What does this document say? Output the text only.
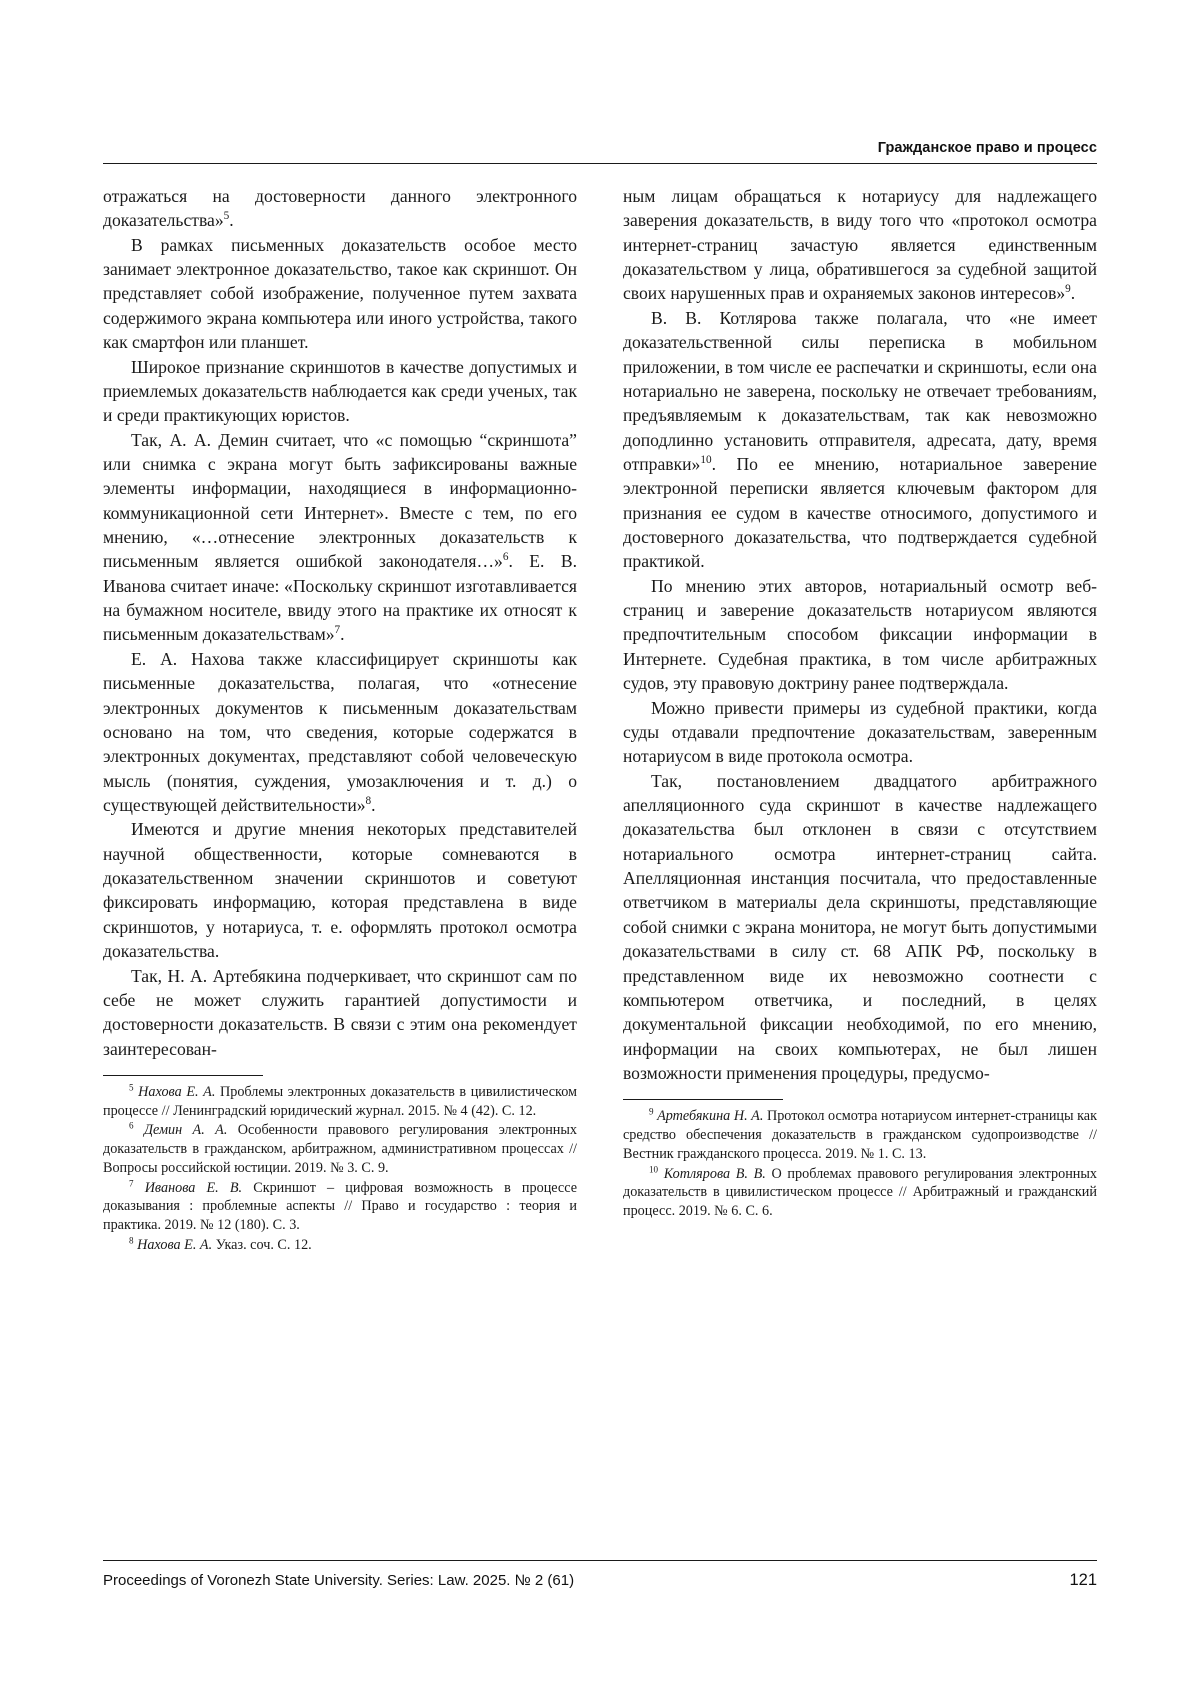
Гражданское право и процесс

отражаться на достоверности данного электронного доказательства»$^5$.

В рамках письменных доказательств особое место занимает электронное доказательство, такое как скриншот. Он представляет собой изображение, полученное путем захвата содержимого экрана компьютера или иного устройства, такого как смартфон или планшет.

Широкое признание скриншотов в качестве допустимых и приемлемых доказательств наблюдается как среди ученых, так и среди практикующих юристов.

Так, А. А. Демин считает, что «с помощью “скриншота” или снимка с экрана могут быть зафиксированы важные элементы информации, находящиеся в информационно-коммуникационной сети Интернет». Вместе с тем, по его мнению, «…отнесение электронных доказательств к письменным является ошибкой законодателя…»$^6$. Е. В. Иванова считает иначе: «Поскольку скриншот изготавливается на бумажном носителе, ввиду этого на практике их относят к письменным доказательствам»$^7$.

Е. А. Нахова также классифицирует скриншоты как письменные доказательства, полагая, что «отнесение электронных документов к письменным доказательствам основано на том, что сведения, которые содержатся в электронных документах, представляют собой человеческую мысль (понятия, суждения, умозаключения и т. д.) о существующей действительности»$^8$.

Имеются и другие мнения некоторых представителей научной общественности, которые сомневаются в доказательственном значении скриншотов и советуют фиксировать информацию, которая представлена в виде скриншотов, у нотариуса, т. е. оформлять протокол осмотра доказательства.

Так, Н. А. Артебякина подчеркивает, что скриншот сам по себе не может служить гарантией допустимости и достоверности доказательств. В связи с этим она рекомендует заинтересован-

$^5$ Нахова Е. А. Проблемы электронных доказательств в цивилистическом процессе // Ленинградский юридический журнал. 2015. № 4 (42). С. 12.

$^6$ Демин А. А. Особенности правового регулирования электронных доказательств в гражданском, арбитражном, административном процессах // Вопросы российской юстиции. 2019. № 3. С. 9.

$^7$ Иванова Е. В. Скриншот – цифровая возможность в процессе доказывания : проблемные аспекты // Право и государство : теория и практика. 2019. № 12 (180). С. 3.

$^8$ Нахова Е. А. Указ. соч. С. 12.

ным лицам обращаться к нотариусу для надлежащего заверения доказательств, в виду того что «протокол осмотра интернет-страниц зачастую является единственным доказательством у лица, обратившегося за судебной защитой своих нарушенных прав и охраняемых законов интересов»$^9$.

В. В. Котлярова также полагала, что «не имеет доказательственной силы переписка в мобильном приложении, в том числе ее распечатки и скриншоты, если она нотариально не заверена, поскольку не отвечает требованиям, предъявляемым к доказательствам, так как невозможно доподлинно установить отправителя, адресата, дату, время отправки»$^{10}$. По ее мнению, нотариальное заверение электронной переписки является ключевым фактором для признания ее судом в качестве относимого, допустимого и достоверного доказательства, что подтверждается судебной практикой.

По мнению этих авторов, нотариальный осмотр веб-страниц и заверение доказательств нотариусом являются предпочтительным способом фиксации информации в Интернете. Судебная практика, в том числе арбитражных судов, эту правовую доктрину ранее подтверждала.

Можно привести примеры из судебной практики, когда суды отдавали предпочтение доказательствам, заверенным нотариусом в виде протокола осмотра.

Так, постановлением двадцатого арбитражного апелляционного суда скриншот в качестве надлежащего доказательства был отклонен в связи с отсутствием нотариального осмотра интернет-страниц сайта. Апелляционная инстанция посчитала, что предоставленные ответчиком в материалы дела скриншоты, представляющие собой снимки с экрана монитора, не могут быть допустимыми доказательствами в силу ст. 68 АПК РФ, поскольку в представленном виде их невозможно соотнести с компьютером ответчика, и последний, в целях документальной фиксации необходимой, по его мнению, информации на своих компьютерах, не был лишен возможности применения процедуры, предусмо-

$^9$ Артебякина Н. А. Протокол осмотра нотариусом интернет-страницы как средство обеспечения доказательств в гражданском судопроизводстве // Вестник гражданского процесса. 2019. № 1. С. 13.

$^{10}$ Котлярова В. В. О проблемах правового регулирования электронных доказательств в цивилистическом процессе // Арбитражный и гражданский процесс. 2019. № 6. С. 6.

Proceedings of Voronezh State University. Series: Law. 2025. № 2 (61)	121
